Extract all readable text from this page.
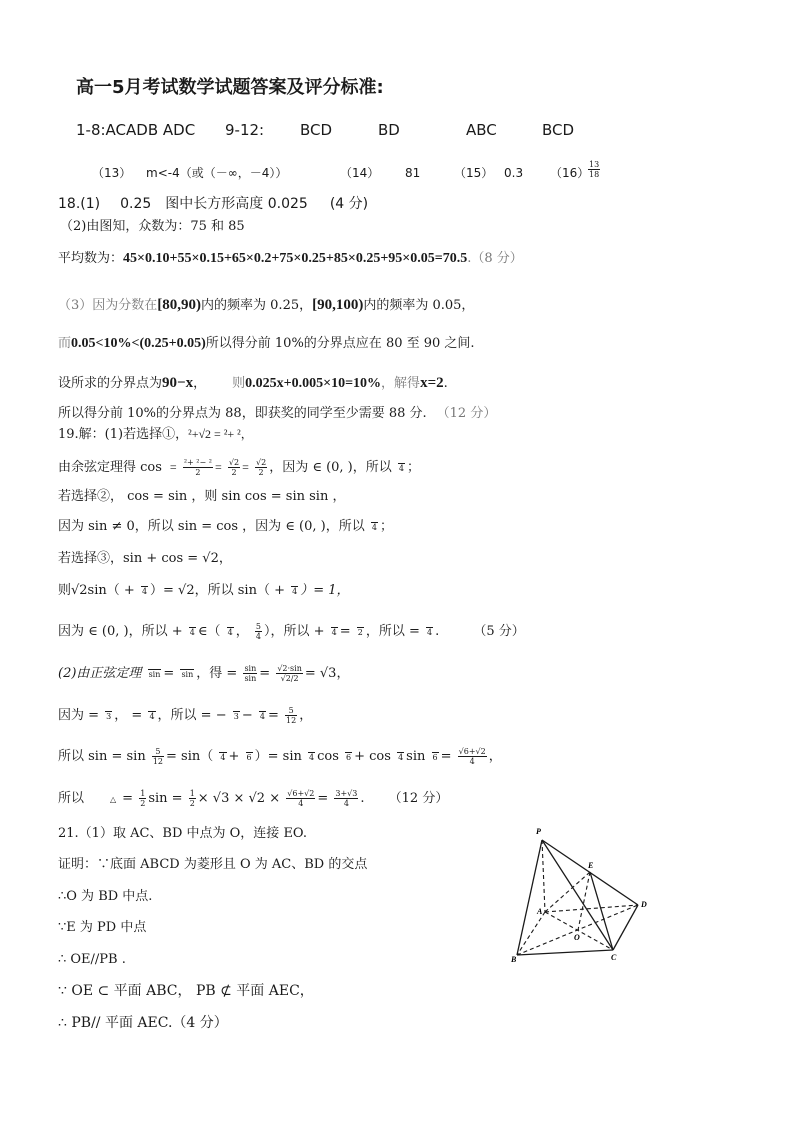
高一5月考试数学试题答案及评分标准:
1-8:ACADB ADC 9-12: BCD	BD	ABC	BCD
（13） m<-4（或（－∞，－4））	（14） 81	（15） 0.3 （16）
$\frac{13}{18}$
18.(1) 0.25 图中长方形高度 0.025 (4 分)
（2)由图知，众数为：75 和 85
平均数为：45×0.10+55×0.15+65×0.2+75×0.25+85×0.25+95×0.05=70.5.（8 分）
（3）因为分数在[80,90)内的频率为 0.25，[90,100)内的频率为 0.05，
而0.05<10%<(0.25+0.05)所以得分前 10%的分界点应在 80 至 90 之间.
设所求的分界点为90−x， 则0.025x+0.005×10=10%，解得x=2.
所以得分前 10%的分界点为 88，即获奖的同学至少需要 88 分. （12 分）
19.解：(1)若选择①，²+√2 = ²+ ²，
由余弦定理得 $\cos = \frac{\text{²+ ²− ²}}{2} = \frac{√2}{2} = \frac{√2}{2}$ ，因为 ∈ (0, )，所以 4 ；
若选择②， cos = sin ，则 sin cos = sin sin ，
因为 sin ≠ 0，所以 sin = cos ，因为 ∈ (0, )，所以 4 ；
若选择③，sin + cos = √2，
则√2sin（ + 4 ）= √2，所以 sin（ + 4 ）= 1，
因为 ∈ (0, )，所以 + 4 ∈（ 4 ， $\frac{5}{4}$ ），所以 + 4 = 2 ，所以 = 4 .	（5 分）
(2)由正弦定理 sin = sin ，得 = $\frac{\sin}{\sin} = \frac{√2\cdot\sin}{√2/2} = √3$，
因为 = 3 ， = 4 ，所以 = − $3 - 4 = \frac{5}{12}$ ，
所以 $\sin = \sin \frac{5}{12} = \sin$（ 4 + 6 ）= sin 4 cos 6 + cos 4 $\sin 6 = \frac{√6+√2}{4}$ ，
所以	△ = $\frac{1}{2}$ $\sin = \frac{1}{2} \times √3 \times √2 \times \frac{√6+√2}{4} = \frac{3+√3}{4}$ . （12 分）
21.（1）取 AC、BD 中点为 O，连接 EO.
证明：∵底面 ABCD 为菱形且 O 为 AC、BD 的交点
∴O 为 BD 中点.
∵E 为 PD 中点
∴ OE//PB .
∵ OE ⊂ 平面 ABC， PB ⊄ 平面 AEC，
∴ PB// 平面 AEC.（4 分）
P
E
A
O
D
B	C
